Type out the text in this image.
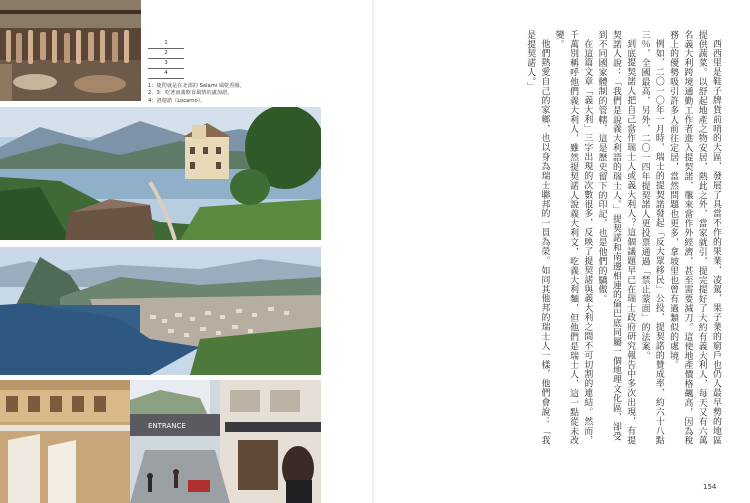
1
2
3
4
1：捷閃就是在北部的 Salami 風乾香腸。
2、3：吃著南義飲食風情的盧加諾。
4：洛迦諾（Locarno）。
ENTRANCE	西西里是鞋子牌貨前哨的大區，發展了具當不作的果業，凌駕，果子業的窮戶也仍人最早勢的地區提供蔬菜。以舒起地產之物安居，熱此之外，當家就引，提完提好了大約有義大利人，每天又有六萬名義大利跨境通勤工作者進入提契諾，壟來當作外經濟，甚至需要減刀。這使地產價格飆高，因為稅務上的優勢吸引許多人前往定居，當然問題也更多，拿坡里也曾有過類似的處境。

例如，二〇一〇年一月時，瑞士的提契諾發起「反大眾移民」公投，提契諾的贊成率，約六十八點三％，全國最高，另外，二〇一四年提契諾人更投票通過「禁止蒙面」的法案。

到底提契諾人把自己當作瑞士人或義大利人？這個議題早已在瑞士政府研究報告中多次出現，有提契諾人說：「我們是說義大利語的瑞士人。」提契諾和南邊相連的倫巴底同屬一個地理文化區，卻受到不同國家體制的管轄，這是歷史留下的印記，也是他們的驕傲。

在這篇文章「義大利」三字出現的次數很多，反映了提契諾與義大利之間不可切割的連結。然而，千萬別稱呼他們義大利人，雖然提契諾人說義大利文，吃義大利麵，但他們是瑞士人，這一點從未改變。

他們熱愛自己的家鄉，也以身為瑞士聯邦的一員為榮。如同其他邦的瑞士人一樣，他們會說：「我是提契諾人。」

154
